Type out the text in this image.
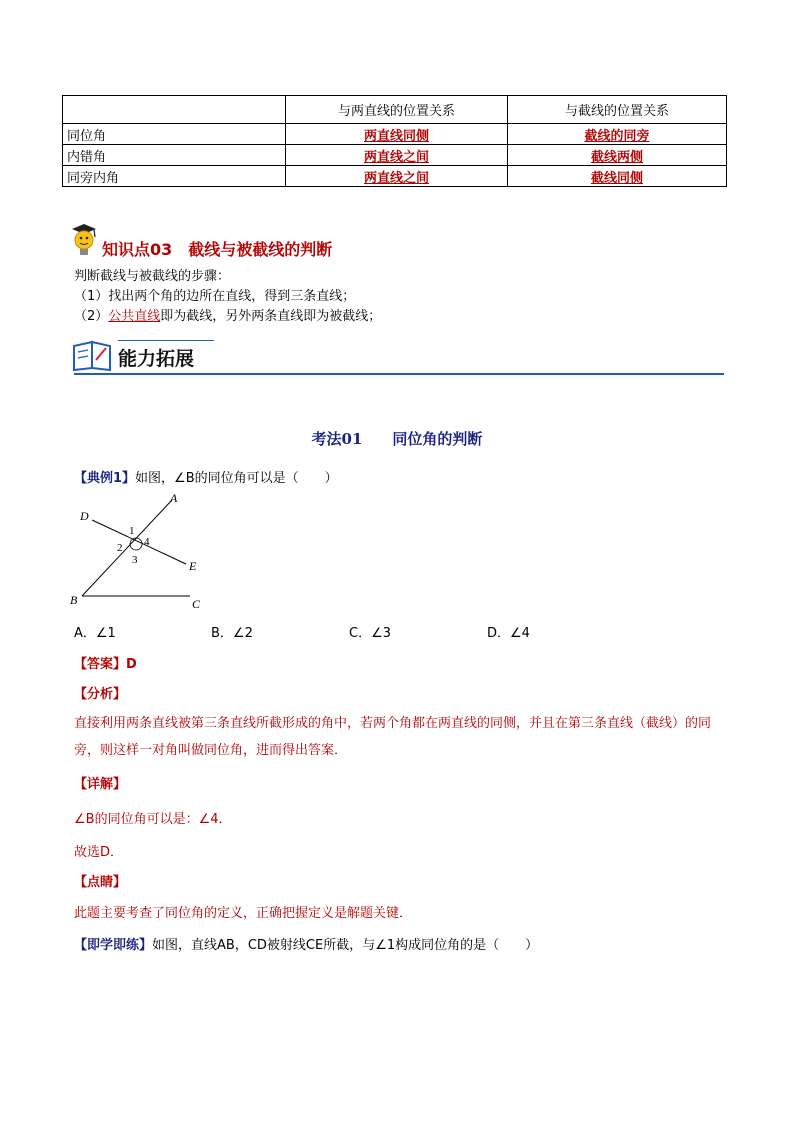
	与两直线的位置关系	与截线的位置关系
同位角	两直线同侧	截线的同旁
内错角	两直线之间	截线两侧
同旁内角	两直线之间	截线同侧
知识点03　截线与被截线的判断
判断截线与被截线的步骤：
（1）找出两个角的边所在直线，得到三条直线；
（2）公共直线即为截线，另外两条直线即为被截线；
能力拓展
考法01　　同位角的判断
【典例1】如图，∠B的同位角可以是（　　）
A
B	C
D
E
1
2
3
4
A．∠1	B．∠2	C．∠3	D．∠4
【答案】D
【分析】
直接利用两条直线被第三条直线所截形成的角中，若两个角都在两直线的同侧，并且在第三条直线（截线）的同旁，则这样一对角叫做同位角，进而得出答案．
【详解】
∠B的同位角可以是：∠4．
故选D．
【点睛】
此题主要考查了同位角的定义，正确把握定义是解题关键．
【即学即练】如图，直线AB，CD被射线CE所截，与∠1构成同位角的是（　　）
